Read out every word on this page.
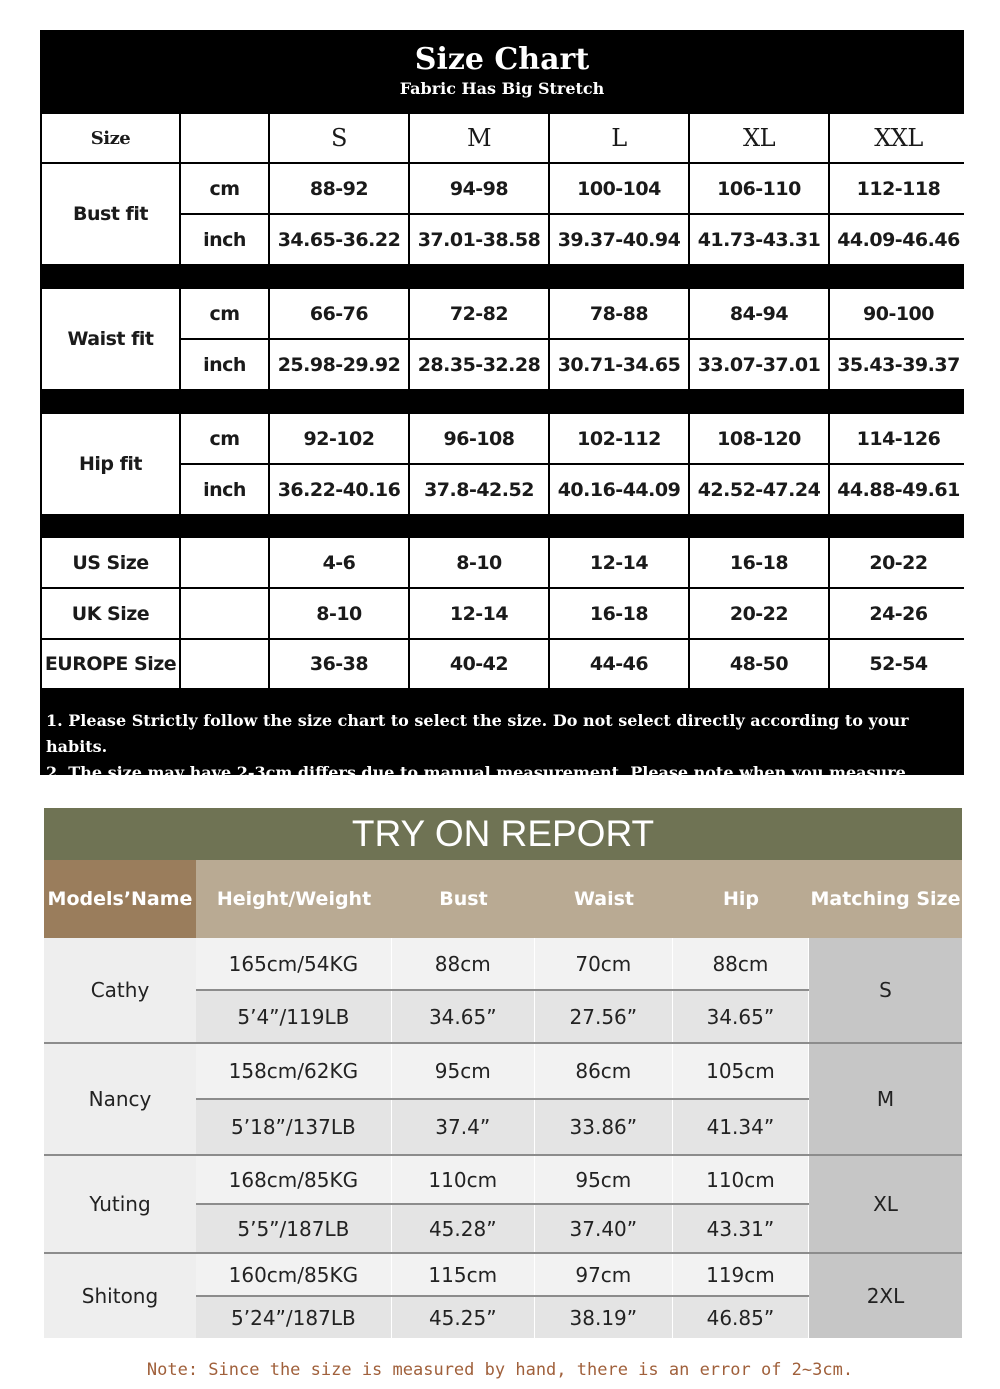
Size Chart
Fabric Has Big Stretch
Size	S	M	L	XL	XXL
Bust fit
cm	88-92	94-98	100-104	106-110	112-118
inch	34.65-36.22 37.01-38.58 39.37-40.94 41.73-43.31 44.09-46.46
Waist fit
cm	66-76	72-82	78-88	84-94	90-100
inch	25.98-29.92 28.35-32.28 30.71-34.65 33.07-37.01 35.43-39.37
Hip fit
cm	92-102	96-108	102-112	108-120	114-126
inch	36.22-40.16	37.8-42.52	40.16-44.09 42.52-47.24 44.88-49.61
US Size	4-6	8-10	12-14	16-18	20-22
UK Size	8-10	12-14	16-18	20-22	24-26
EUROPE Size	36-38	40-42	44-46	48-50	52-54
1. Please Strictly follow the size chart to select the size. Do not select directly according to your habits.
2. The size may have 2-3cm differs due to manual measurement. Please note when you measure.
TRY ON REPORT
Models’Name	Height/Weight	Bust	Waist	Hip	Matching Size
Cathy
165cm/54KG	88cm	70cm	88cm
5’4”/119LB	34.65”	27.56”	34.65”
S
Nancy
158cm/62KG	95cm	86cm	105cm
5’18”/137LB	37.4”	33.86”	41.34”
M
Yuting
168cm/85KG	110cm	95cm	110cm
5’5”/187LB	45.28”	37.40”	43.31”
XL
Shitong
160cm/85KG	115cm	97cm	119cm
5’24”/187LB	45.25”	38.19”	46.85”
2XL
Note: Since the size is measured by hand, there is an error of 2~3cm.
